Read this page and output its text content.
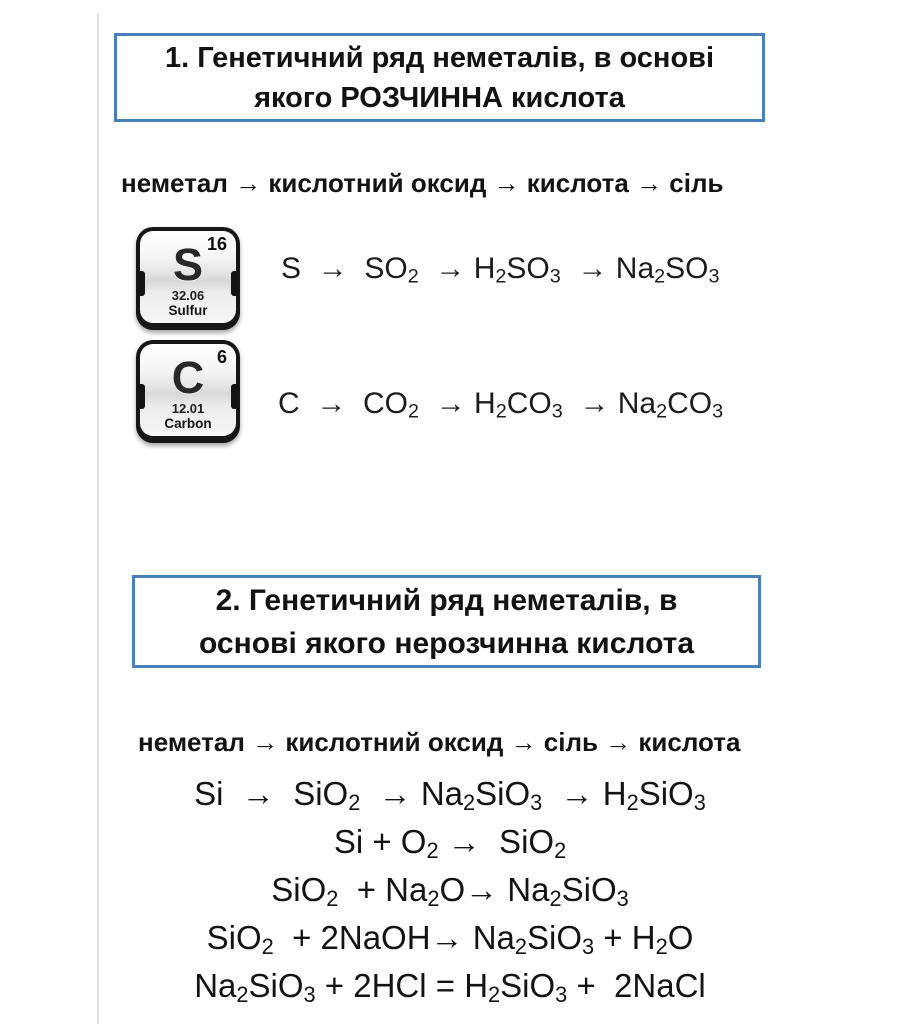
1. Генетичний ряд неметалів, в основі
якого РОЗЧИННА кислота
неметал → кислотний оксид → кислота → сіль
16
S
32.06
Sulfur
$S \to SO_2 \to H_2SO_3 \to Na_2SO_3$
6
C
12.01
Carbon
$C \to CO_2 \to H_2CO_3 \to Na_2CO_3$
2. Генетичний ряд неметалів, в
основі якого нерозчинна кислота
неметал → кислотний оксид → сіль → кислота
$Si \to SiO_2 \to Na_2SiO_3 \to H_2SiO_3$
$Si + O_2 \to SiO_2$
$SiO_2 + Na_2O\to Na_2SiO_3$
SiO$_2$  + 2NaOH→ $Na_2SiO_3 + H_2O$
$Na_2SiO_3 + 2HCl = H_2SiO_3$ +  2NaCl
